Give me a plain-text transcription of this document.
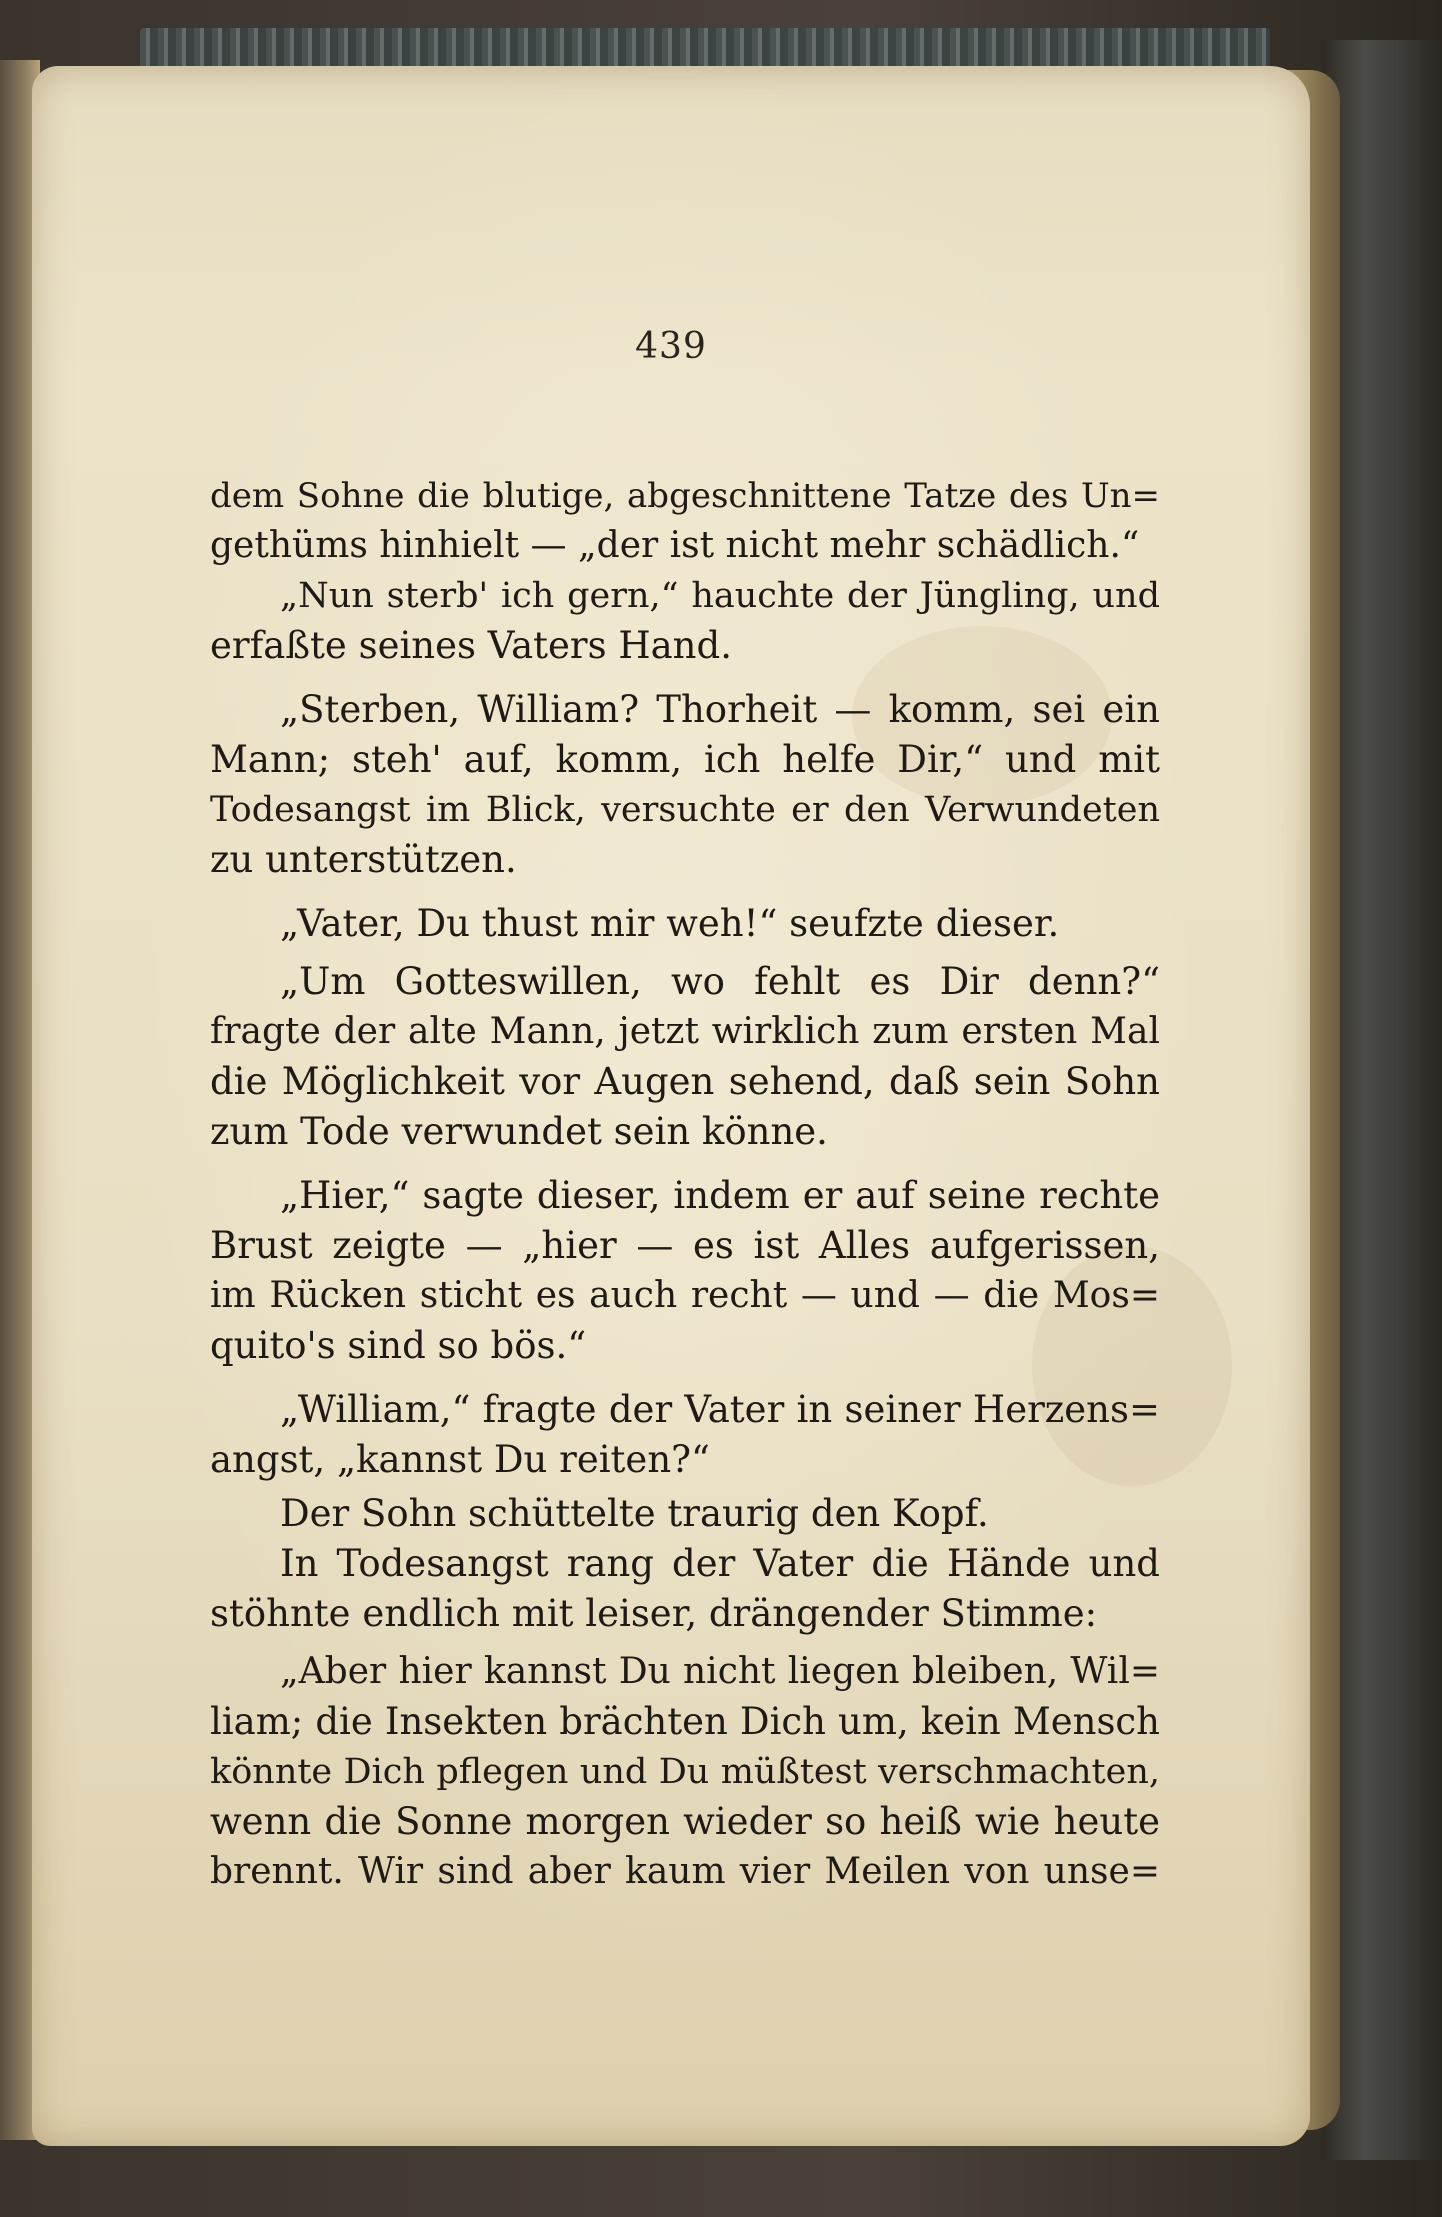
439
dem Sohne die blutige, abgeschnittene Tatze des Un=
gethüms hinhielt — „der ist nicht mehr schädlich.“
„Nun sterb' ich gern,“ hauchte der Jüngling, und
erfaßte seines Vaters Hand.
„Sterben, William? Thorheit — komm, sei ein
Mann; steh' auf, komm, ich helfe Dir,“ und mit
Todesangst im Blick, versuchte er den Verwundeten
zu unterstützen.
„Vater, Du thust mir weh!“ seufzte dieser.
„Um Gotteswillen, wo fehlt es Dir denn?“
fragte der alte Mann, jetzt wirklich zum ersten Mal
die Möglichkeit vor Augen sehend, daß sein Sohn
zum Tode verwundet sein könne.
„Hier,“ sagte dieser, indem er auf seine rechte
Brust zeigte — „hier — es ist Alles aufgerissen,
im Rücken sticht es auch recht — und — die Mos=
quito's sind so bös.“
„William,“ fragte der Vater in seiner Herzens=
angst, „kannst Du reiten?“
Der Sohn schüttelte traurig den Kopf.
In Todesangst rang der Vater die Hände und
stöhnte endlich mit leiser, drängender Stimme:
„Aber hier kannst Du nicht liegen bleiben, Wil=
liam; die Insekten brächten Dich um, kein Mensch
könnte Dich pflegen und Du müßtest verschmachten,
wenn die Sonne morgen wieder so heiß wie heute
brennt. Wir sind aber kaum vier Meilen von unse=
